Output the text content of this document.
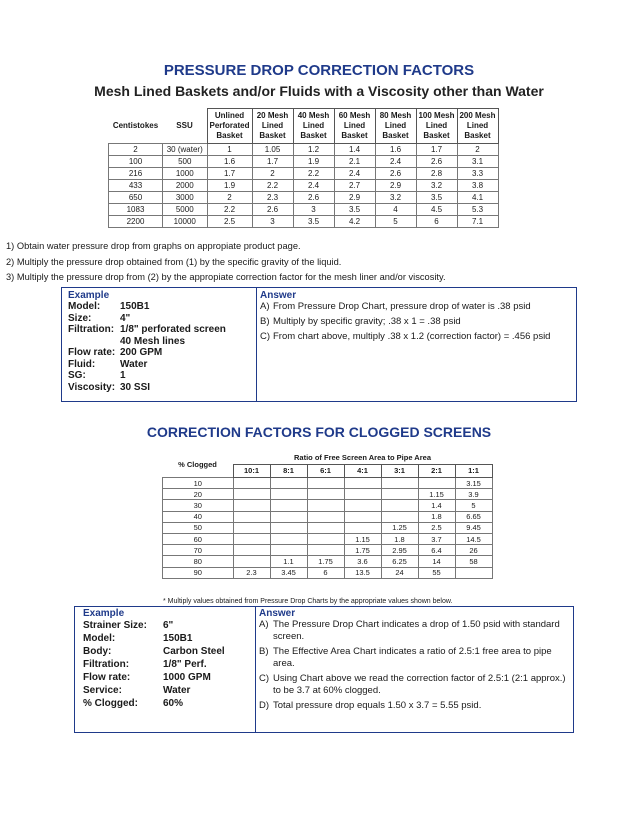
PRESSURE DROP CORRECTION FACTORS
Mesh Lined Baskets and/or Fluids with a Viscosity other than Water
Centistokes	SSU	Unlined Perforated Basket	20 Mesh Lined Basket	40 Mesh Lined Basket	60 Mesh Lined Basket	80 Mesh Lined Basket	100 Mesh Lined Basket	200 Mesh Lined Basket
2	30 (water)	1	1.05	1.2	1.4	1.6	1.7	2
100	500	1.6	1.7	1.9	2.1	2.4	2.6	3.1
216	1000	1.7	2	2.2	2.4	2.6	2.8	3.3
433	2000	1.9	2.2	2.4	2.7	2.9	3.2	3.8
650	3000	2	2.3	2.6	2.9	3.2	3.5	4.1
1083	5000	2.2	2.6	3	3.5	4	4.5	5.3
2200	10000	2.5	3	3.5	4.2	5	6	7.1
1) Obtain water pressure drop from graphs on appropiate product page.
2) Multiply the pressure drop obtained from (1) by the specific gravity of the liquid.
3) Multiply the pressure drop from (2) by the appropiate correction factor for the mesh liner and/or viscosity.
Example
Model:	150B1
Size:	4"
Filtration: 1/8" perforated screen
40 Mesh lines
Flow rate: 200 GPM
Fluid:	Water
SG:	1
Viscosity: 30 SSI
Answer
A) From Pressure Drop Chart, pressure drop of water is .38 psid
B) Multiply by specific gravity; .38 x 1 = .38 psid
C) From chart above, multiply .38 x 1.2 (correction factor) = .456 psid
CORRECTION FACTORS FOR CLOGGED SCREENS
% Clogged	Ratio of Free Screen Area to Pipe Area						
	10:1	8:1	6:1	4:1	3:1	2:1	1:1
10							3.15
20						1.15	3.9
30						1.4	5
40						1.8	6.65
50					1.25	2.5	9.45
60				1.15	1.8	3.7	14.5
70				1.75	2.95	6.4	26
80		1.1	1.75	3.6	6.25	14	58
90	2.3	3.45	6	13.5	24	55	
* Multiply values obtained from Pressure Drop Charts by the appropriate values shown below.
Example
Strainer Size:	6"
Model:	150B1
Body:	Carbon Steel
Filtration:	1/8" Perf.
Flow rate:	1000 GPM
Service:	Water
% Clogged:	60%
Answer
A) The Pressure Drop Chart indicates a drop of 1.50 psid with standard screen.
B) The Effective Area Chart indicates a ratio of 2.5:1 free area to pipe area.
C) Using Chart above we read the correction factor of 2.5:1 (2:1 approx.) to be 3.7 at 60% clogged.
D) Total pressure drop equals 1.50 x 3.7 = 5.55 psid.
